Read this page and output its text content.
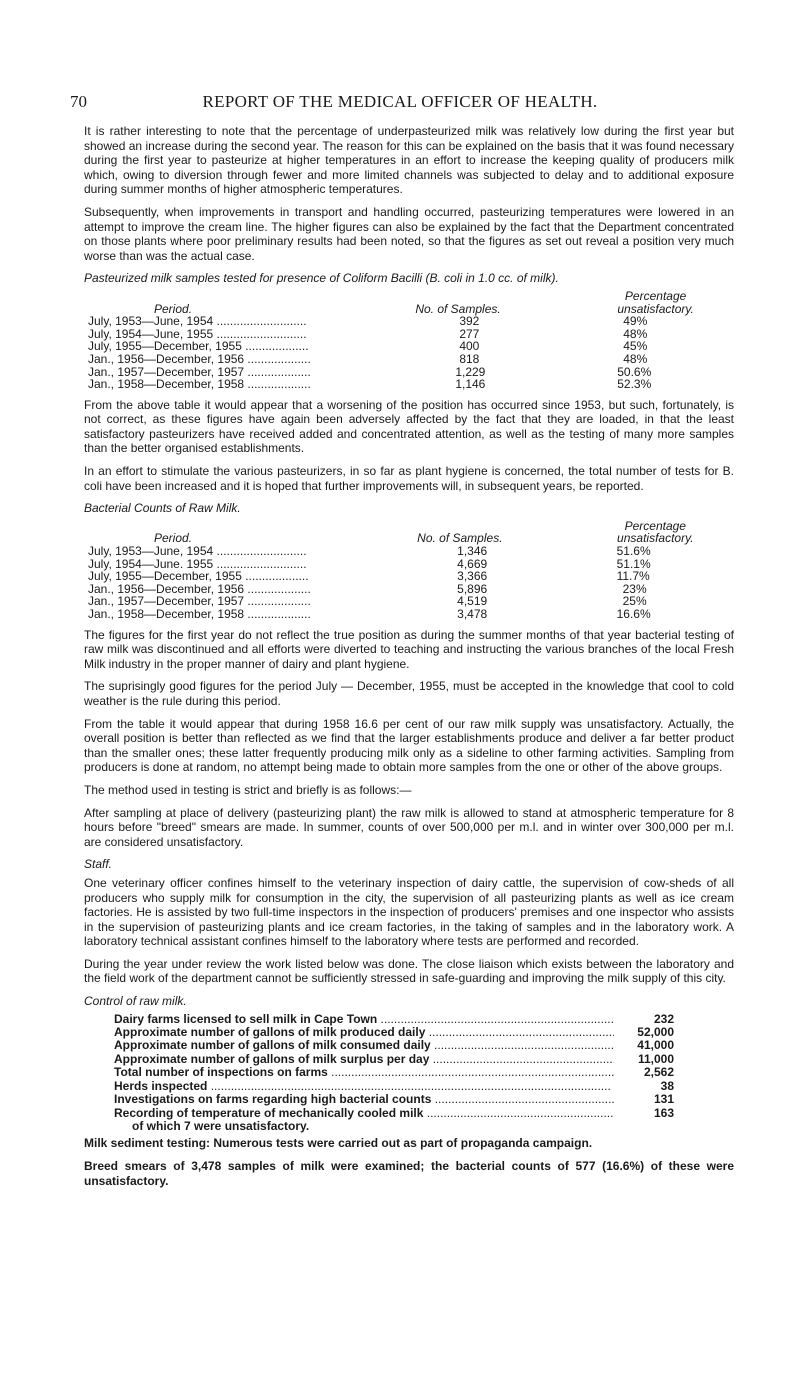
70	REPORT OF THE MEDICAL OFFICER OF HEALTH.

It is rather interesting to note that the percentage of underpasteurized milk was relatively low during the first year but showed an increase during the second year. The reason for this can be explained on the basis that it was found necessary during the first year to pasteurize at higher temperatures in an effort to increase the keeping quality of producers milk which, owing to diversion through fewer and more limited channels was subjected to delay and to additional exposure during summer months of higher atmospheric temperatures.

Subsequently, when improvements in transport and handling occurred, pasteurizing temperatures were lowered in an attempt to improve the cream line. The higher figures can also be explained by the fact that the Department concentrated on those plants where poor preliminary results had been noted, so that the figures as set out reveal a position very much worse than was the actual case.

Pasteurized milk samples tested for presence of Coliform Bacilli (B. coli in 1.0 cc. of milk).
		Percentage
Period.	No. of Samples.	unsatisfactory.
July, 1953—June, 1954 ...........................	392	49%
July, 1954—June, 1955 ...........................	277	48%
July, 1955—December, 1955 ...................	400	45%
Jan., 1956—December, 1956 ...................	818	48%
Jan., 1957—December, 1957 ...................	1,229	50.6%
Jan., 1958—December, 1958 ...................	1,146	52.3%

From the above table it would appear that a worsening of the position has occurred since 1953, but such, fortunately, is not correct, as these figures have again been adversely affected by the fact that they are loaded, in that the least satisfactory pasteurizers have received added and concentrated attention, as well as the testing of many more samples than the better organised establishments.

In an effort to stimulate the various pasteurizers, in so far as plant hygiene is concerned, the total number of tests for B. coli have been increased and it is hoped that further improvements will, in subsequent years, be reported.

Bacterial Counts of Raw Milk.
		Percentage
Period.	No. of Samples.	unsatisfactory.
July, 1953—June, 1954 ...........................	1,346	51.6%
July, 1954—June. 1955 ...........................	4,669	51.1%
July, 1955—December, 1955 ...................	3,366	11.7%
Jan., 1956—December, 1956 ...................	5,896	23%
Jan., 1957—December, 1957 ...................	4,519	25%
Jan., 1958—December, 1958 ...................	3,478	16.6%

The figures for the first year do not reflect the true position as during the summer months of that year bacterial testing of raw milk was discontinued and all efforts were diverted to teaching and instructing the various branches of the local Fresh Milk industry in the proper manner of dairy and plant hygiene.

The suprisingly good figures for the period July — December, 1955, must be accepted in the knowledge that cool to cold weather is the rule during this period.

From the table it would appear that during 1958 16.6 per cent of our raw milk supply was unsatisfactory. Actually, the overall position is better than reflected as we find that the larger establishments produce and deliver a far better product than the smaller ones; these latter frequently producing milk only as a sideline to other farming activities. Sampling from producers is done at random, no attempt being made to obtain more samples from the one or other of the above groups.

The method used in testing is strict and briefly is as follows:—

After sampling at place of delivery (pasteurizing plant) the raw milk is allowed to stand at atmospheric temperature for 8 hours before "breed" smears are made. In summer, counts of over 500,000 per m.l. and in winter over 300,000 per m.l. are considered unsatisfactory.

Staff.

One veterinary officer confines himself to the veterinary inspection of dairy cattle, the supervision of cow-sheds of all producers who supply milk for consumption in the city, the supervision of all pasteurizing plants as well as ice cream factories. He is assisted by two full-time inspectors in the inspection of producers' premises and one inspector who assists in the supervision of pasteurizing plants and ice cream factories, in the taking of samples and in the laboratory work. A laboratory technical assistant confines himself to the laboratory where tests are performed and recorded.

During the year under review the work listed below was done. The close liaison which exists between the laboratory and the field work of the department cannot be sufficiently stressed in safe-guarding and improving the milk supply of this city.

Control of raw milk.
Dairy farms licensed to sell milk in Cape Town .....	232
Approximate number of gallons of milk produced daily .....	52,000
Approximate number of gallons of milk consumed daily .....	41,000
Approximate number of gallons of milk surplus per day .....	11,000
Total number of inspections on farms .....	2,562
Herds inspected .....	38
Investigations on farms regarding high bacterial counts .....	131
Recording of temperature of mechanically cooled milk .....	163
of which 7 were unsatisfactory.

Milk sediment testing: Numerous tests were carried out as part of propaganda campaign.

Breed smears of 3,478 samples of milk were examined; the bacterial counts of 577 (16.6%) of these were unsatisfactory.
